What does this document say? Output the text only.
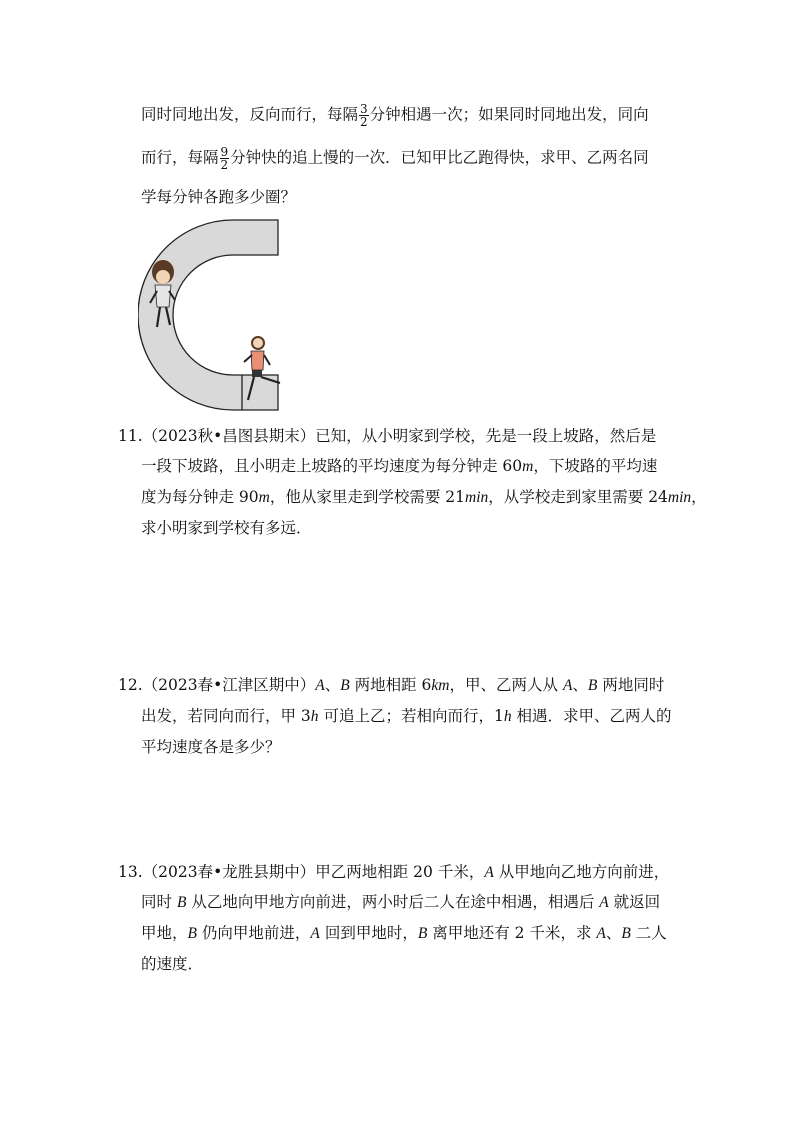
同时同地出发，反向而行，每隔 $\frac{3}{2}$ 分钟相遇一次；如果同时同地出发，同向
而行，每隔 $\frac{9}{2}$ 分钟快的追上慢的一次．已知甲比乙跑得快，求甲、乙两名同
学每分钟各跑多少圈？
11.（2023秋•昌图县期末）已知，从小明家到学校，先是一段上坡路，然后是
一段下坡路，且小明走上坡路的平均速度为每分钟走 60m，下坡路的平均速
度为每分钟走 90m，他从家里走到学校需要 21min，从学校走到家里需要 24min，
求小明家到学校有多远．
12.（2023春•江津区期中）A、B 两地相距 6km，甲、乙两人从 A、B 两地同时
出发，若同向而行，甲 3h 可追上乙；若相向而行，1h 相遇．求甲、乙两人的
平均速度各是多少？
13.（2023春•龙胜县期中）甲乙两地相距 20 千米，A 从甲地向乙地方向前进，
同时 B 从乙地向甲地方向前进，两小时后二人在途中相遇，相遇后 A 就返回
甲地，B 仍向甲地前进，A 回到甲地时，B 离甲地还有 2 千米，求 A、B 二人
的速度．
